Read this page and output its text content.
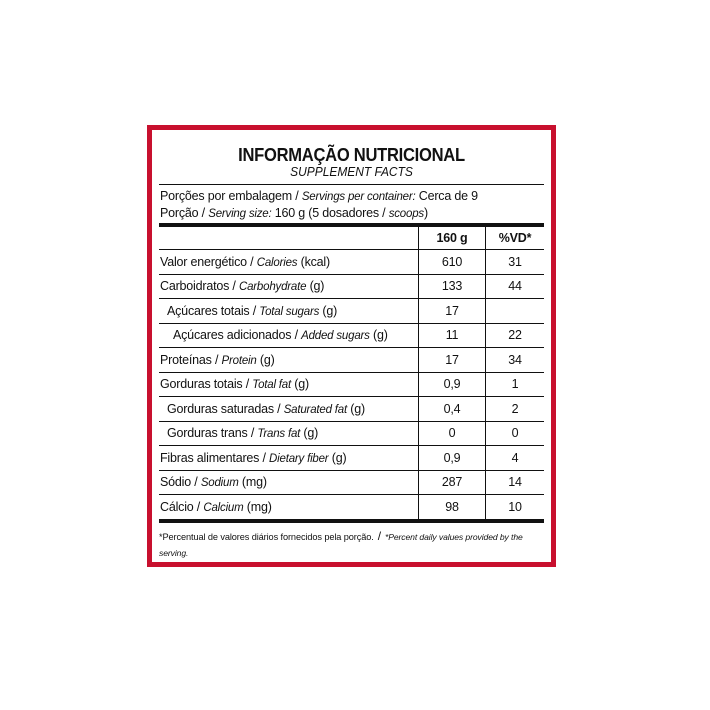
INFORMAÇÃO NUTRICIONAL
SUPPLEMENT FACTS
Porções por embalagem / Servings per container: Cerca de 9
Porção / Serving size: 160 g (5 dosadores / scoops)
	160 g	%VD*
Valor energético / Calories (kcal)	610	31
Carboidratos / Carbohydrate (g)	133	44
Açúcares totais / Total sugars (g)	17	
Açúcares adicionados / Added sugars (g)	11	22
Proteínas / Protein (g)	17	34
Gorduras totais / Total fat (g)	0,9	1
Gorduras saturadas / Saturated fat (g)	0,4	2
Gorduras trans / Trans fat (g)	0	0
Fibras alimentares / Dietary fiber (g)	0,9	4
Sódio / Sodium (mg)	287	14
Cálcio / Calcium (mg)	98	10
*Percentual de valores diários fornecidos pela porção. / *Percent daily values provided by the serving.
